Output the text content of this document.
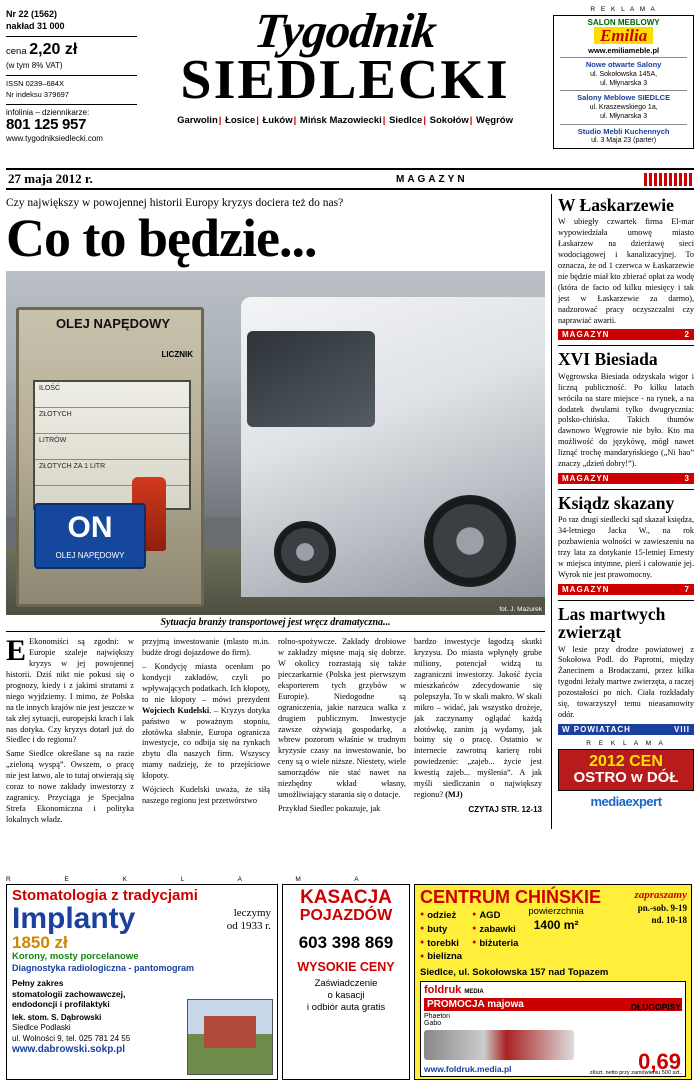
Nr 22 (1562)
nakład 31 000
cena 2,20 zł
(w tym 8% VAT)
ISSN 0239–684X
Nr indeksu 379697
infolinia – dziennikarze:
801 125 957
www.tygodniksiedlecki.com
Tygodnik
SIEDLECKI
Garwolin| Łosice| Łuków| Mińsk Mazowiecki| Siedlce| Sokołów| Węgrów
R E K L A M A
SALON MEBLOWY
Emilia
www.emiliameble.pl
Nowe otwarte Salony
ul. Sokołowska 145A,
ul. Młynarska 3
Salony Meblowe SIEDLCE
ul. Kraszewskiego 1a,
ul. Młynarska 3
Studio Mebli Kuchennych
ul. 3 Maja 23 (parter)
27 maja 2012 r.	MAGAZYN
Czy największy w powojennej historii Europy kryzys dociera też do nas?
Co to będzie...
OLEJ NAPĘDOWY
LICZNIK
ILOŚĆ
ZŁOTYCH
LITRÓW
ZŁOTYCH ZA 1 LITR
ON
OLEJ NAPĘDOWY
fot. J. Mazurek
Sytuacja branży transportowej jest wręcz dramatyczna...

E Ekonomiści są zgodni: w Europie szaleje największy kryzys w jej powojennej historii. Dziś nikt nie pokusi się o prognozy, kiedy i z jakimi stratami z niego wyjdziemy. I mimo, że Polska na tle innych krajów nie jest jeszcze w tak złej sytuacji, europejski krach i lak nas dotyka. Czy kryzys dotarł już do Siedlec i do regionu?

Same Siedlce określane są na razie „zieloną wyspą”. Owszem, o pracę nie jest łatwo, ale to tutaj otwierają się coraz to nowe zakłady inwestorzy z zagranicy. Przyciąga je Specjalna Strefa Ekonomiczna i polityka lokalnych władz.

przyjmą inwestowanie (mlasto m.in. budże drogi dojazdowe do firm).

– Kondycję miasta ocenłam po kondycji zakładów, czyli po wpływających podatkach. Ich kłopoty, to nie kłopoty – mówi prezydent Wojciech Kudelski. – Kryzys dotyka państwo w poważnym stopniu, złotówka słabnie, Europa ogranicza inwestycje, co odbija się na rynkach zbytu dla naszych firm. Wszyscy mamy nadzieję, że to przejściowe kłopoty.

Wójciech Kudelski uważa, że siłą naszego regionu jest przetwórstwo

rolno-spożywcze. Zakłady drobiowe w zakładzy mięsne mają się dobrze. W okolicy rozrastają się także pieczarkarnie (Polska jest pierwszym eksporterem tych grzybów w Europie). Niedogodne są ograniczenia, jakie narzuca walka z drugiem publicznym. Inwestycje zawsze ożywiają gospodarkę, a wbrew pozorom właśnie w trudnym kryzysie czasy na inwestowanie, bo ceny są o wiele niższe. Niestety, wiele samorządów nie stać nawet na niezbędny wkład własny, umożliwiający starania się o dotacje.

Przykład Siedlec pokazuje, jak

bardzo inwestycje łagodzą skutki kryzysu. Do miasta wpłynęły grube miliony, potencjał widzą tu zagraniczni inwestorzy. Jakość życia mieszkańców zdecydowanie się polepszyła. To w skali makro. W skali mikro – widać, jak wszystko drożeje, jak zaczynamy oglądać każdą złotówkę, zanim ją wydamy, jak boimy się o pracę. Ostatnio w internecie zawrotną karierę robi powiedzenie: „zajeb... życie jest kwestią zajeb... myślenia”. A jak myśli siedlczanin o największy regionu? (MJ)

CZYTAJ STR. 12-13
W Łaskarzewie
W ubiegły czwartek firma El-mar wypowiedziała umowę miasto Łaskarzew na dzierżawę sieci wodociągowej i kanalizacyjnej. To oznacza, że od 1 czerwca w Łaskarzewie nie będzie miał kto zbierać opłat za wodę (która de facto od kilku miesięcy i tak jest w Łaskarzewie za darmo), nadzorować pracy oczyszczalni czy naprawiać awarii.
MAGAZYN	2
XVI Biesiada
Węgrowska Biesiada odzyskała wigor i liczną publiczność. Po kilku latach wróciła na stare miejsce - na rynek, a na dodatek dwulami tylko dwugrycznia: polsko-chińska. Takich thumów dawnowo Węgrowie nie było. Kto ma możliwość do językówę, mógł nawet liznąć trochę mandaryńskiego („Ni hao” znaczy „dzień dobry!”).
MAGAZYN	3
Ksiądz skazany
Po raz drugi siedlecki sąd skazał księdza, 34-letniego Jacka W., na rok pozbawienia wolności w zawieszeniu na trzy lata za dotykanie 15-letniej Ernesty w miejsca intymne, pierś i całowanie jej. Wyrok nie jest prawomocny.
MAGAZYN	7
Las martwych zwierząt
W lesie przy drodze powiatowej z Sokołowa Podl. do Paprotni, między Żanecinem a Brodaczami, przez kilka tygodni leżały martwe zwierzęta, a raczej pozostałości po nich. Ciała rozkładały się, towarzyszył temu nieasamowity odór.
W POWIATACH	VIII
R E K L A M A
2012 CEN
OSTRO w DÓŁ
mediaexpert
R E K L A M A
Stomatologia z tradycjami
Implanty	leczymy
od 1933 r.
1850 zł
Korony, mosty porcelanowe
Diagnostyka radiologiczna - pantomogram
Pełny zakres
stomatologii zachowawczej,
endodoncji i profilaktyki
lek. stom. S. Dąbrowski
Siedlce Podlaski
ul. Wolności 9, tel. 025 781 24 55
www.dabrowski.sokp.pl
KASACJA
POJAZDÓW
603 398 869
WYSOKIE CENY
Zaświadczenie
o kasacji
i odbiór auta gratis
CENTRUM CHIŃSKIE	zapraszamy
pn.-sob. 9-19
nd. 10-18
● odzież
● buty
● torebki
● bielizna
● AGD
● zabawki
● biżuteria
powierzchnia
1400 m²
Siedlce, ul. Sokołowska 157 nad Topazem
foldruk MEDIA
DŁUGOPISY
PROMOCJA majowa
Phaeton
Gabo
0,69
zł/szt. netto przy zamówieniu 500 szt.
www.foldruk.media.pl
